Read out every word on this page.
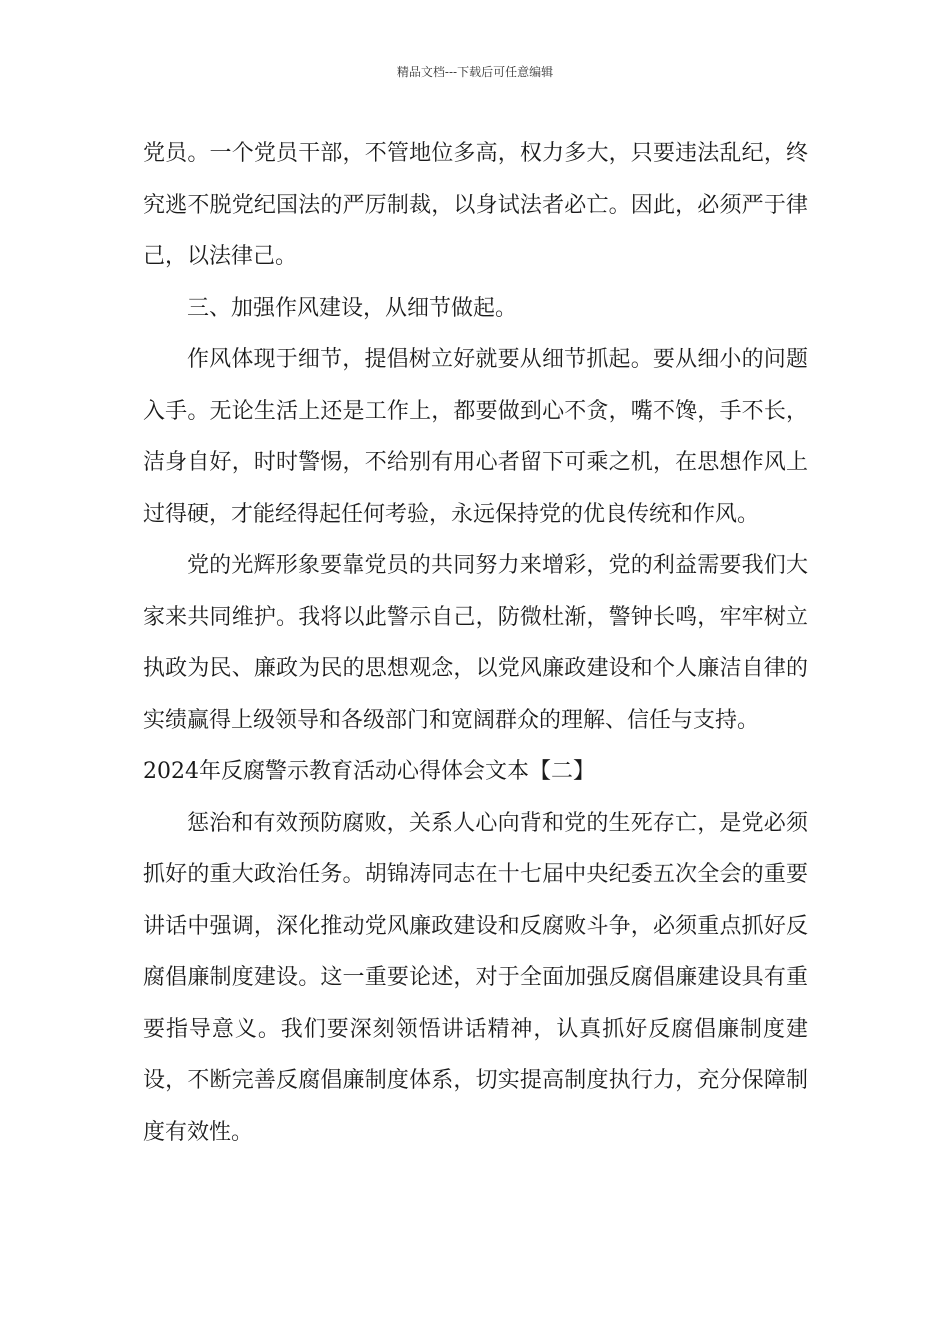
精品文档---下载后可任意编辑

党员。一个党员干部，不管地位多高，权力多大，只要违法乱纪，终究逃不脱党纪国法的严厉制裁，以身试法者必亡。因此，必须严于律己，以法律己。

三、加强作风建设，从细节做起。

作风体现于细节，提倡树立好就要从细节抓起。要从细小的问题入手。无论生活上还是工作上，都要做到心不贪，嘴不馋，手不长，洁身自好，时时警惕，不给别有用心者留下可乘之机，在思想作风上过得硬，才能经得起任何考验，永远保持党的优良传统和作风。

党的光辉形象要靠党员的共同努力来增彩，党的利益需要我们大家来共同维护。我将以此警示自己，防微杜渐，警钟长鸣，牢牢树立执政为民、廉政为民的思想观念，以党风廉政建设和个人廉洁自律的实绩赢得上级领导和各级部门和宽阔群众的理解、信任与支持。

2024年反腐警示教育活动心得体会文本【二】

惩治和有效预防腐败，关系人心向背和党的生死存亡，是党必须抓好的重大政治任务。胡锦涛同志在十七届中央纪委五次全会的重要讲话中强调，深化推动党风廉政建设和反腐败斗争，必须重点抓好反腐倡廉制度建设。这一重要论述，对于全面加强反腐倡廉建设具有重要指导意义。我们要深刻领悟讲话精神，认真抓好反腐倡廉制度建设，不断完善反腐倡廉制度体系，切实提高制度执行力，充分保障制度有效性。
